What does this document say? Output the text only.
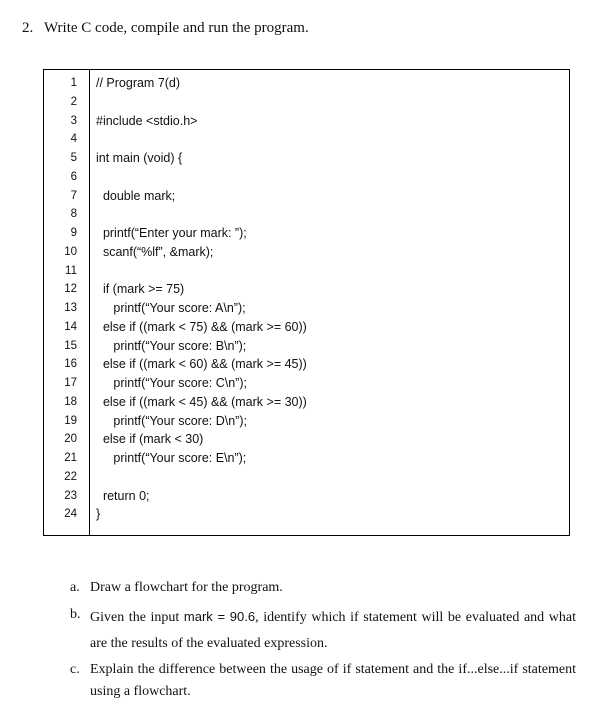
2. Write C code, compile and run the program.
1
2
3
4
5
6
7
8
9
10
11
12
13
14
15
16
17
18
19
20
21
22
23
24
// Program 7(d)
#include <stdio.h>
int main (void) {
double mark;
printf(“Enter your mark: ”);
scanf(“%lf”, &mark);
if (mark >= 75)
printf(“Your score: A\n”);
else if ((mark < 75) && (mark >= 60))
printf(“Your score: B\n”);
else if ((mark < 60) && (mark >= 45))
printf(“Your score: C\n”);
else if ((mark < 45) && (mark >= 30))
printf(“Your score: D\n”);
else if (mark < 30)
printf(“Your score: E\n”);
return 0;
}
a. Draw a flowchart for the program.
b. Given the input mark = 90.6, identify which if statement will be evaluated and what are the results of the evaluated expression.
c. Explain the difference between the usage of if statement and the if...else...if statement using a flowchart.
